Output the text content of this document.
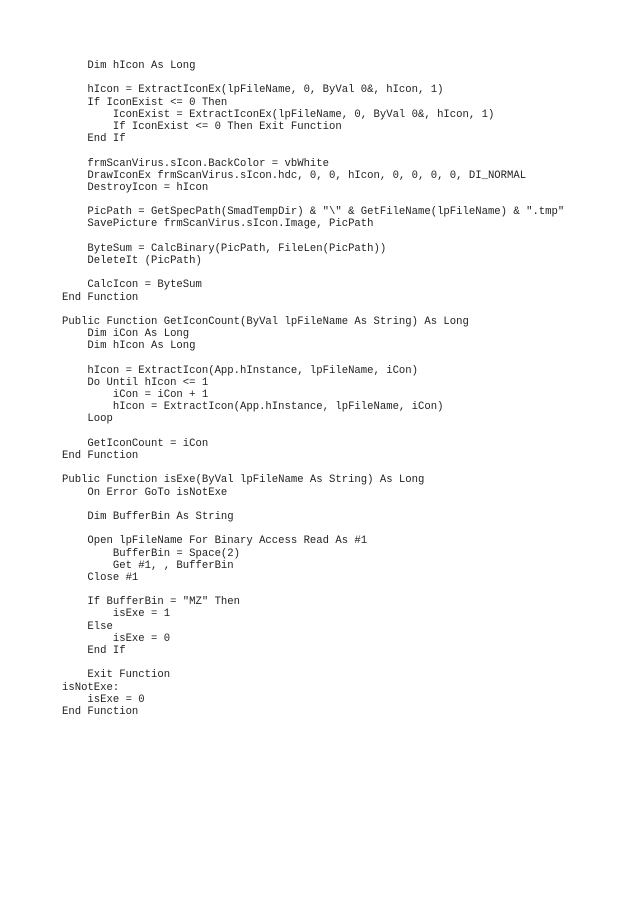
Dim hIcon As Long
hIcon = ExtractIconEx(lpFileName, 0, ByVal 0&, hIcon, 1)
If IconExist <= 0 Then
IconExist = ExtractIconEx(lpFileName, 0, ByVal 0&, hIcon, 1)
If IconExist <= 0 Then Exit Function
End If
frmScanVirus.sIcon.BackColor = vbWhite
DrawIconEx frmScanVirus.sIcon.hdc, 0, 0, hIcon, 0, 0, 0, 0, DI_NORMAL
DestroyIcon = hIcon
PicPath = GetSpecPath(SmadTempDir) & "\" & GetFileName(lpFileName) & ".tmp"
SavePicture frmScanVirus.sIcon.Image, PicPath
ByteSum = CalcBinary(PicPath, FileLen(PicPath))
DeleteIt (PicPath)
CalcIcon = ByteSum
End Function
Public Function GetIconCount(ByVal lpFileName As String) As Long
Dim iCon As Long
Dim hIcon As Long
hIcon = ExtractIcon(App.hInstance, lpFileName, iCon)
Do Until hIcon <= 1
iCon = iCon + 1
hIcon = ExtractIcon(App.hInstance, lpFileName, iCon)
Loop
GetIconCount = iCon
End Function
Public Function isExe(ByVal lpFileName As String) As Long
On Error GoTo isNotExe
Dim BufferBin As String
Open lpFileName For Binary Access Read As #1
BufferBin = Space(2)
Get #1, , BufferBin
Close #1
If BufferBin = "MZ" Then
isExe = 1
Else
isExe = 0
End If
Exit Function
isNotExe:
isExe = 0
End Function
